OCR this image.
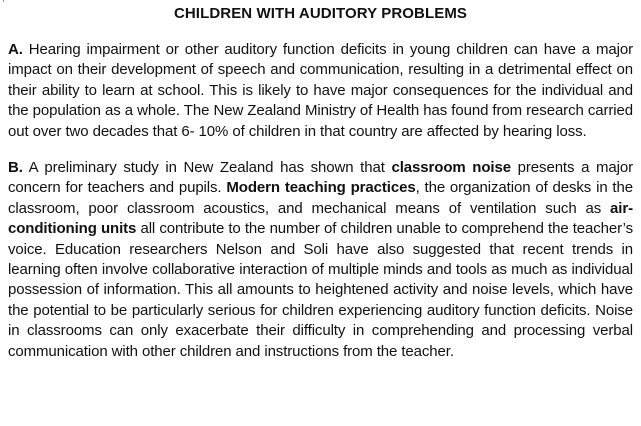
CHILDREN WITH AUDITORY PROBLEMS

A. Hearing impairment or other auditory function deficits in young children can have a major impact on their development of speech and communication, resulting in a detrimental effect on their ability to learn at school. This is likely to have major consequences for the individual and the population as a whole. The New Zealand Ministry of Health has found from research carried out over two decades that 6- 10% of children in that country are affected by hearing loss.

B. A preliminary study in New Zealand has shown that classroom noise presents a major concern for teachers and pupils. Modern teaching practices, the organization of desks in the classroom, poor classroom acoustics, and mechanical means of ventilation such as air-conditioning units all contribute to the number of children unable to comprehend the teacher’s voice. Education researchers Nelson and Soli have also suggested that recent trends in learning often involve collaborative interaction of multiple minds and tools as much as individual possession of information. This all amounts to heightened activity and noise levels, which have the potential to be particularly serious for children experiencing auditory function deficits. Noise in classrooms can only exacerbate their difficulty in comprehending and processing verbal communication with other children and instructions from the teacher.
